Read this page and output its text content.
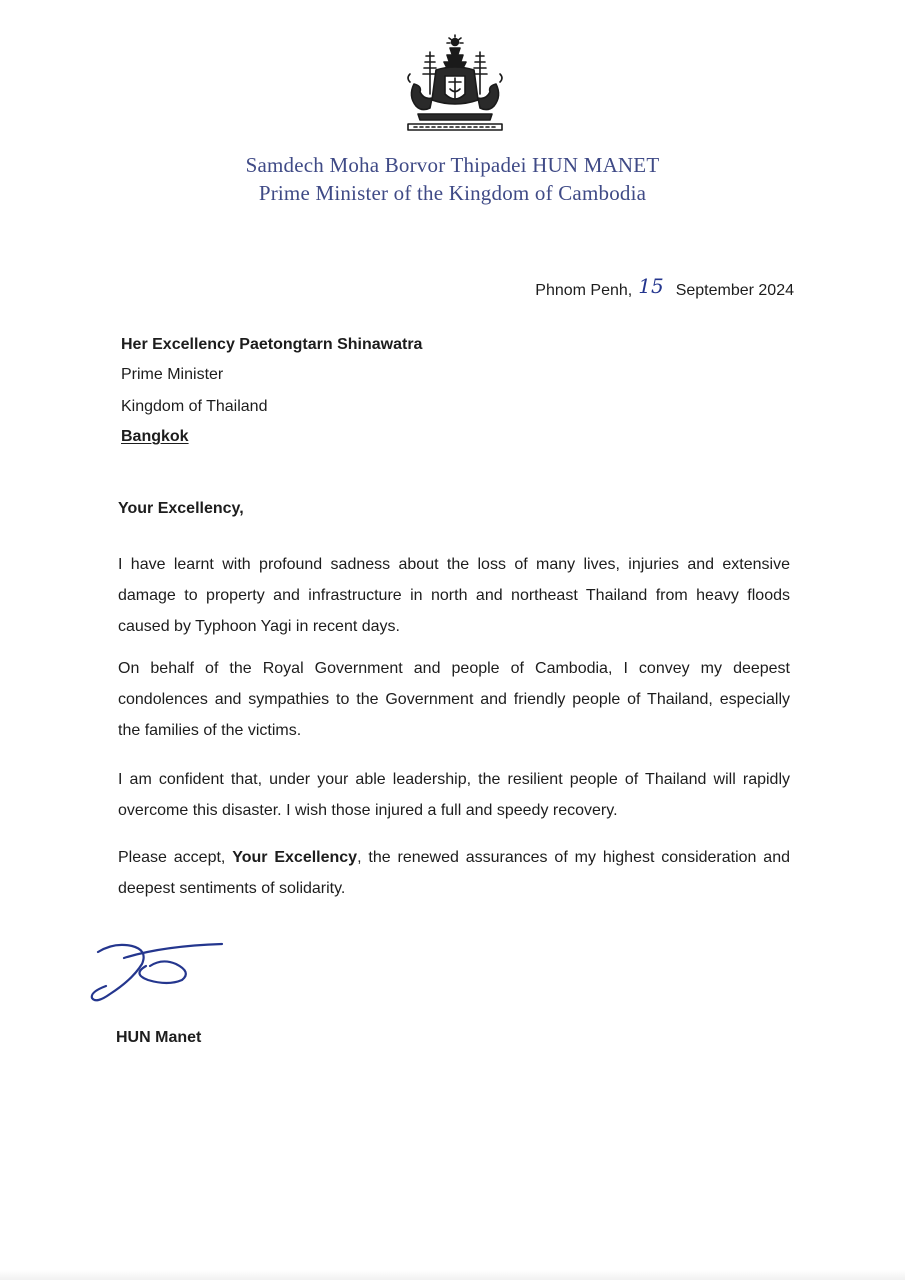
Samdech Moha Borvor Thipadei HUN MANET
Prime Minister of the Kingdom of Cambodia
Phnom Penh, 15 September 2024
Her Excellency Paetongtarn Shinawatra
Prime Minister
Kingdom of Thailand
Bangkok
Your Excellency,
I have learnt with profound sadness about the loss of many lives, injuries and extensive damage to property and infrastructure in north and northeast Thailand from heavy floods caused by Typhoon Yagi in recent days.
On behalf of the Royal Government and people of Cambodia, I convey my deepest condolences and sympathies to the Government and friendly people of Thailand, especially the families of the victims.
I am confident that, under your able leadership, the resilient people of Thailand will rapidly overcome this disaster. I wish those injured a full and speedy recovery.
Please accept, Your Excellency, the renewed assurances of my highest consideration and deepest sentiments of solidarity.
HUN Manet
